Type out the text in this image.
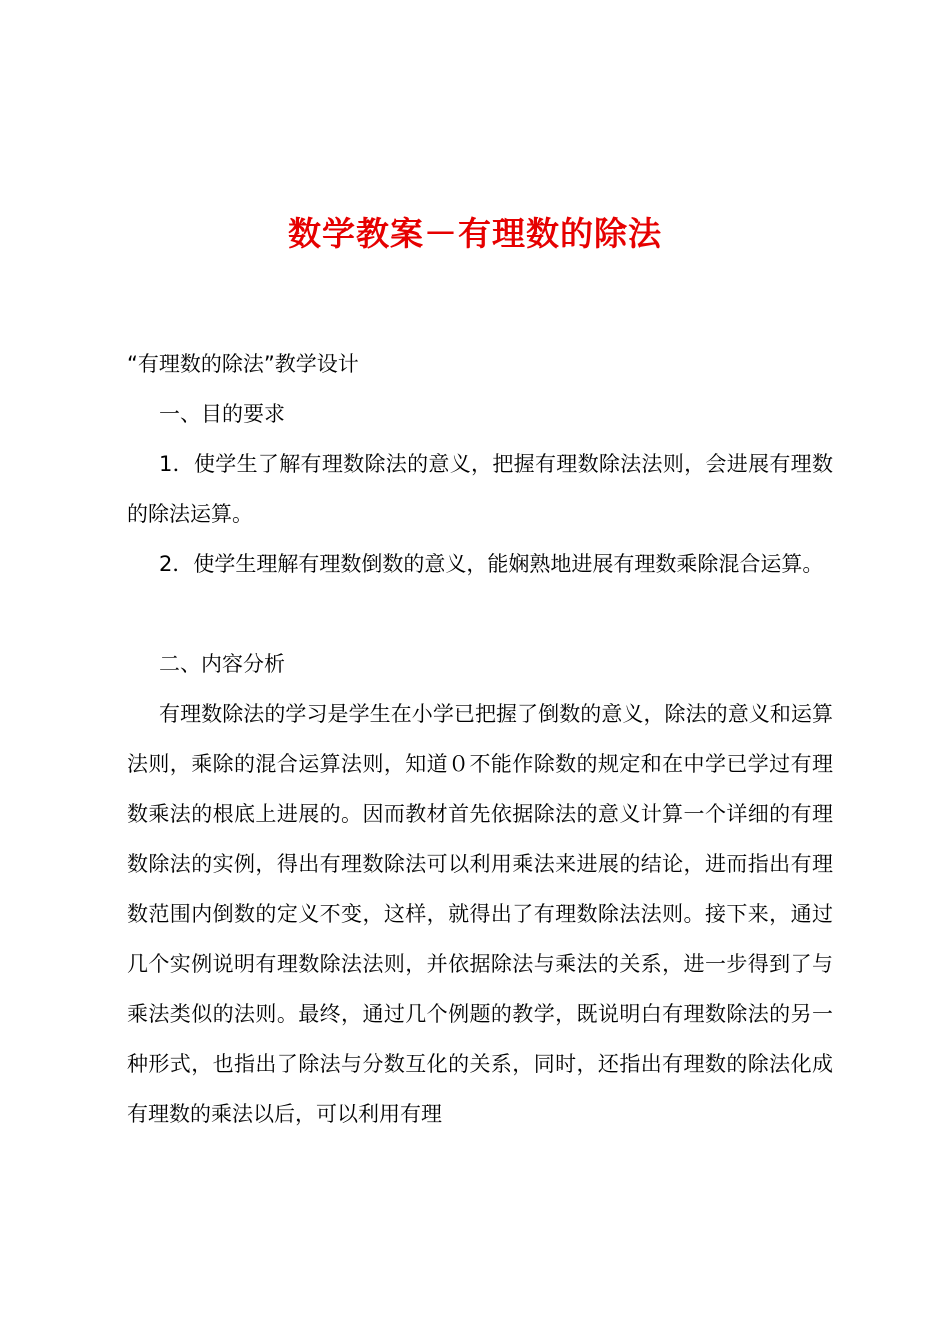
数学教案－有理数的除法
“有理数的除法”教学设计
一、目的要求
1．使学生了解有理数除法的意义，把握有理数除法法则，会进展有理数的除法运算。
2．使学生理解有理数倒数的意义，能娴熟地进展有理数乘除混合运算。
二、内容分析
有理数除法的学习是学生在小学已把握了倒数的意义，除法的意义和运算法则，乘除的混合运算法则，知道０不能作除数的规定和在中学已学过有理数乘法的根底上进展的。因而教材首先依据除法的意义计算一个详细的有理数除法的实例，得出有理数除法可以利用乘法来进展的结论，进而指出有理数范围内倒数的定义不变，这样，就得出了有理数除法法则。接下来，通过几个实例说明有理数除法法则，并依据除法与乘法的关系，进一步得到了与乘法类似的法则。最终，通过几个例题的教学，既说明白有理数除法的另一种形式，也指出了除法与分数互化的关系，同时，还指出有理数的除法化成有理数的乘法以后，可以利用有理
